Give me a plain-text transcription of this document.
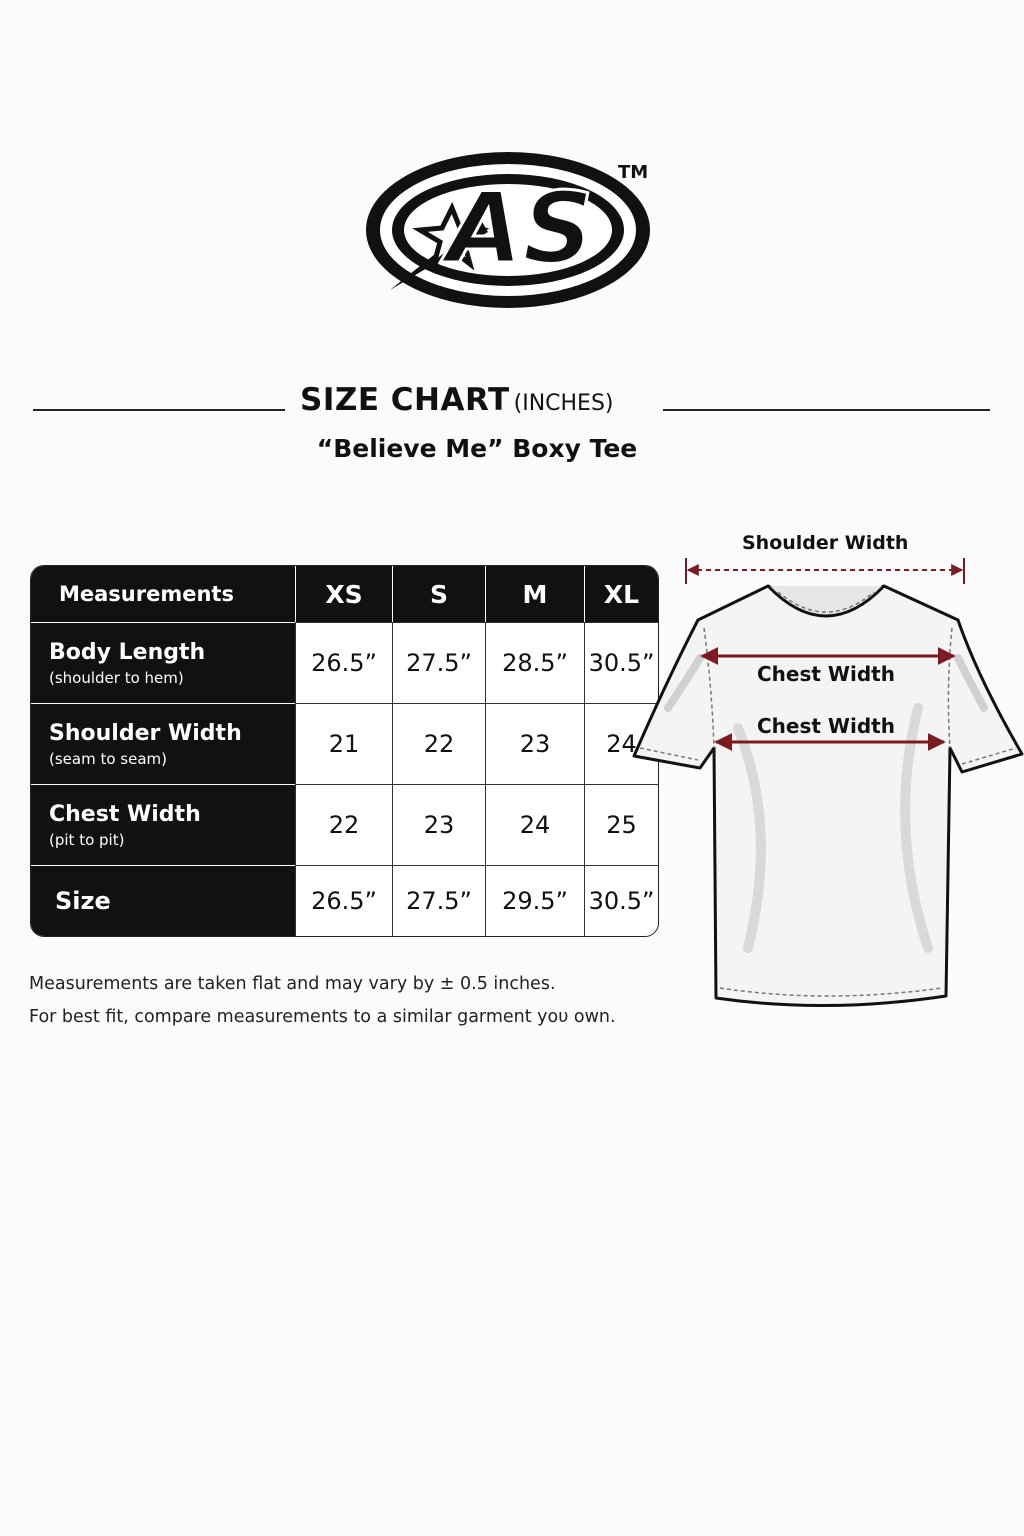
AS TM
SIZE CHART (INCHES)
“Believe Me” Boxy Tee
Measurements	XS	S	M	XL

Body Length
(shoulder to hem)	26.5”	27.5”	28.5”	30.5”

Shoulder Width
(seam to seam)	21	22	23	24

Chest Width
(pit to pit)	22	23	24	25

Size	26.5”	27.5”	29.5”	30.5”
Measurements are taken flat and may vary by ± 0.5 inches.
For best fit, compare measurements to a similar garment yoυ own.
Shoulder Width
Chest Width
Chest Width
